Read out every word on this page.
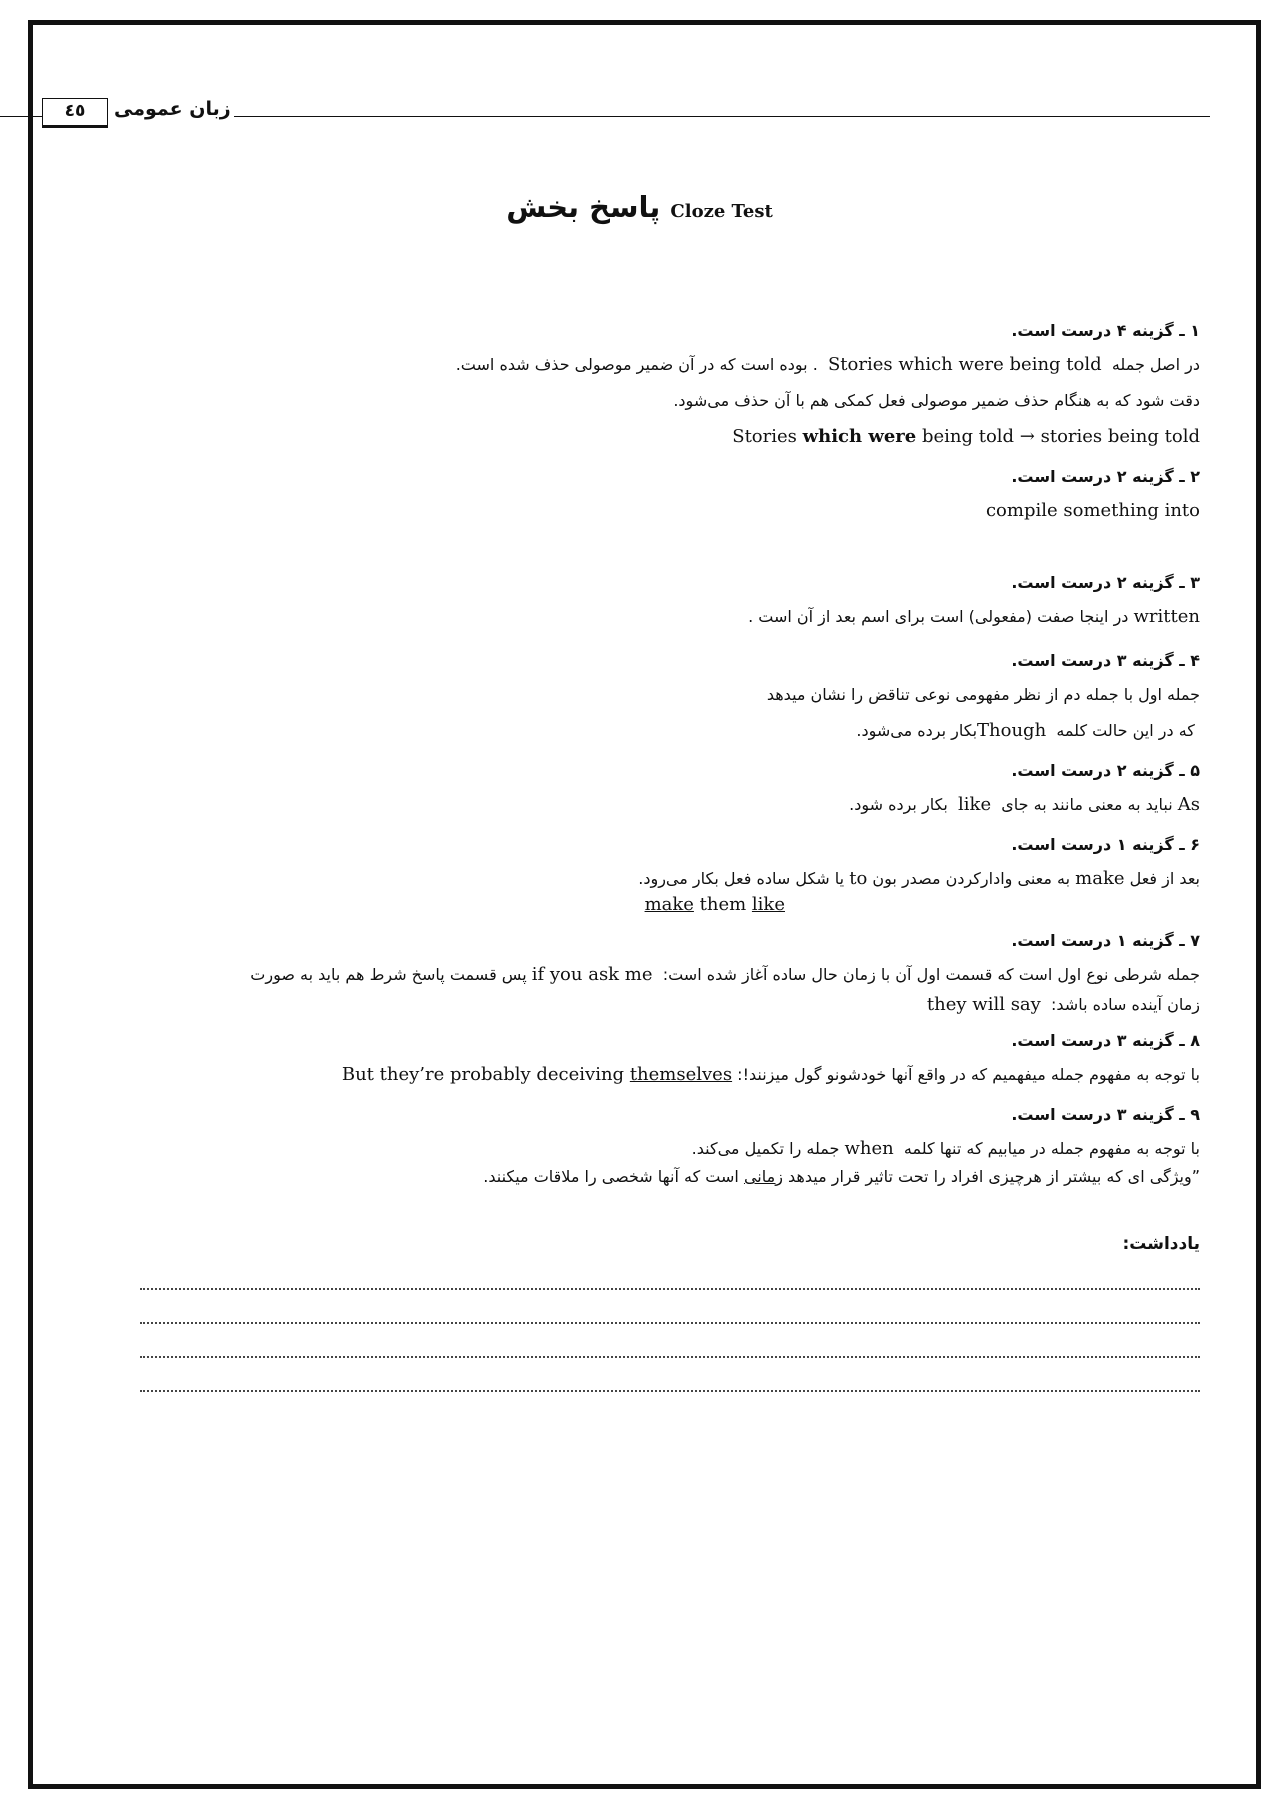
٤٥	زبان عمومی
پاسخ بخش Cloze Test

۱ ـ گزینه ۴ درست است.

در اصل جمله  Stories which were being told  . بوده است که در آن ضمیر موصولی حذف شده است.

دقت شود که به هنگام حذف ضمیر موصولی فعل کمکی هم با آن حذف می‌شود.

Stories which were being told → stories being told

۲ ـ گزینه ۲ درست است.

compile something into

۳ ـ گزینه ۲ درست است.

written در اینجا صفت (مفعولی) است برای اسم بعد از آن است .

۴ ـ گزینه ۳ درست است.

جمله اول با جمله دم از نظر مفهومی نوعی تناقض را نشان میدهد

که در این حالت کلمه  Thoughبکار برده می‌شود.

۵ ـ گزینه ۲ درست است.

As نباید به معنی مانند به جای  like  بکار برده شود.

۶ ـ گزینه ۱ درست است.

بعد از فعل make به معنی وادارکردن مصدر بون to یا شکل ساده فعل بکار می‌رود.

make them like

۷ ـ گزینه ۱ درست است.

جمله شرطی نوع اول است که قسمت اول آن با زمان حال ساده آغاز شده است:  if you ask me پس قسمت پاسخ شرط هم باید به صورت

زمان آینده ساده باشد:  they will say

۸ ـ گزینه ۳ درست است.

با توجه به مفهوم جمله میفهمیم که در واقع آنها خودشونو گول میزنند!: But they’re probably deceiving themselves

۹ ـ گزینه ۳ درست است.

با توجه به مفهوم جمله در میابیم که تنها کلمه  when جمله را تکمیل می‌کند.

ˮویژگی ای که بیشتر از هرچیزی افراد را تحت تاثیر قرار میدهد زمانی است که آنها شخصی را ملاقات میکنند.

یادداشت:
